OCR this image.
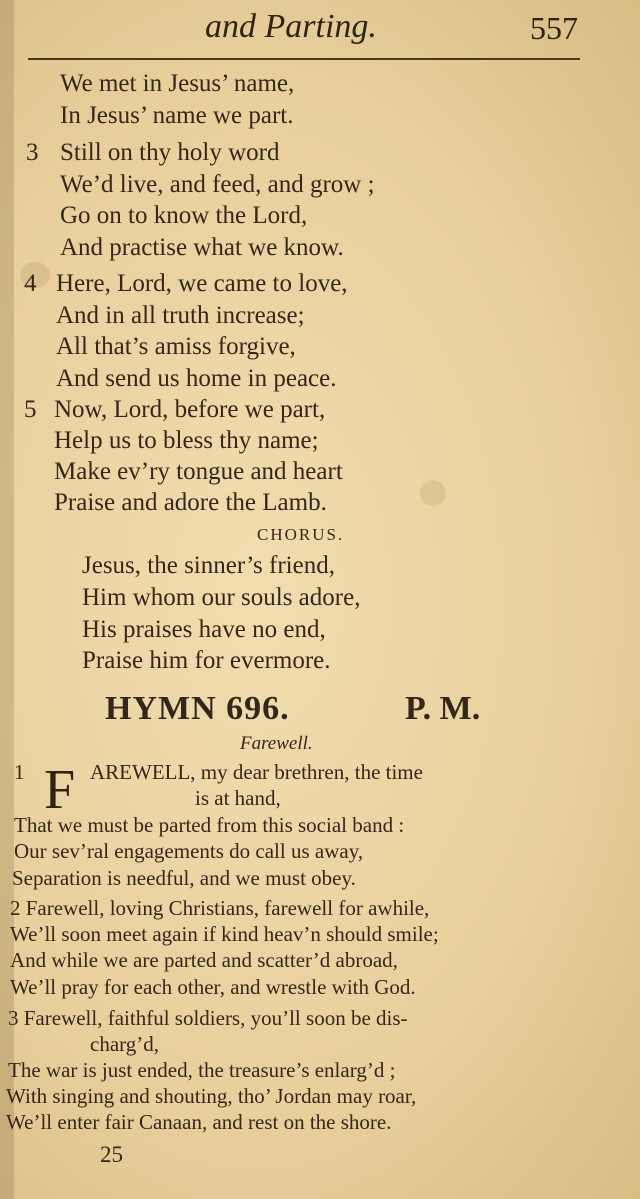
and Parting.	557
We met in Jesus’ name,
In Jesus’ name we part.
3 Still on thy holy word
We’d live, and feed, and grow ;
Go on to know the Lord,
And practise what we know.
4 Here, Lord, we came to love,
And in all truth increase;
All that’s amiss forgive,
And send us home in peace.
5 Now, Lord, before we part,
Help us to bless thy name;
Make ev’ry tongue and heart
Praise and adore the Lamb.
CHORUS.
Jesus, the sinner’s friend,
Him whom our souls adore,
His praises have no end,
Praise him for evermore.
HYMN 696.	P. M.
Farewell.
1 F AREWELL, my dear brethren, the time
is at hand,
That we must be parted from this social band :
Our sev’ral engagements do call us away,
Separation is needful, and we must obey.
2 Farewell, loving Christians, farewell for awhile,
We’ll soon meet again if kind heav’n should smile;
And while we are parted and scatter’d abroad,
We’ll pray for each other, and wrestle with God.
3 Farewell, faithful soldiers, you’ll soon be dis-
charg’d,
The war is just ended, the treasure’s enlarg’d ;
With singing and shouting, tho’ Jordan may roar,
We’ll enter fair Canaan, and rest on the shore.
25
